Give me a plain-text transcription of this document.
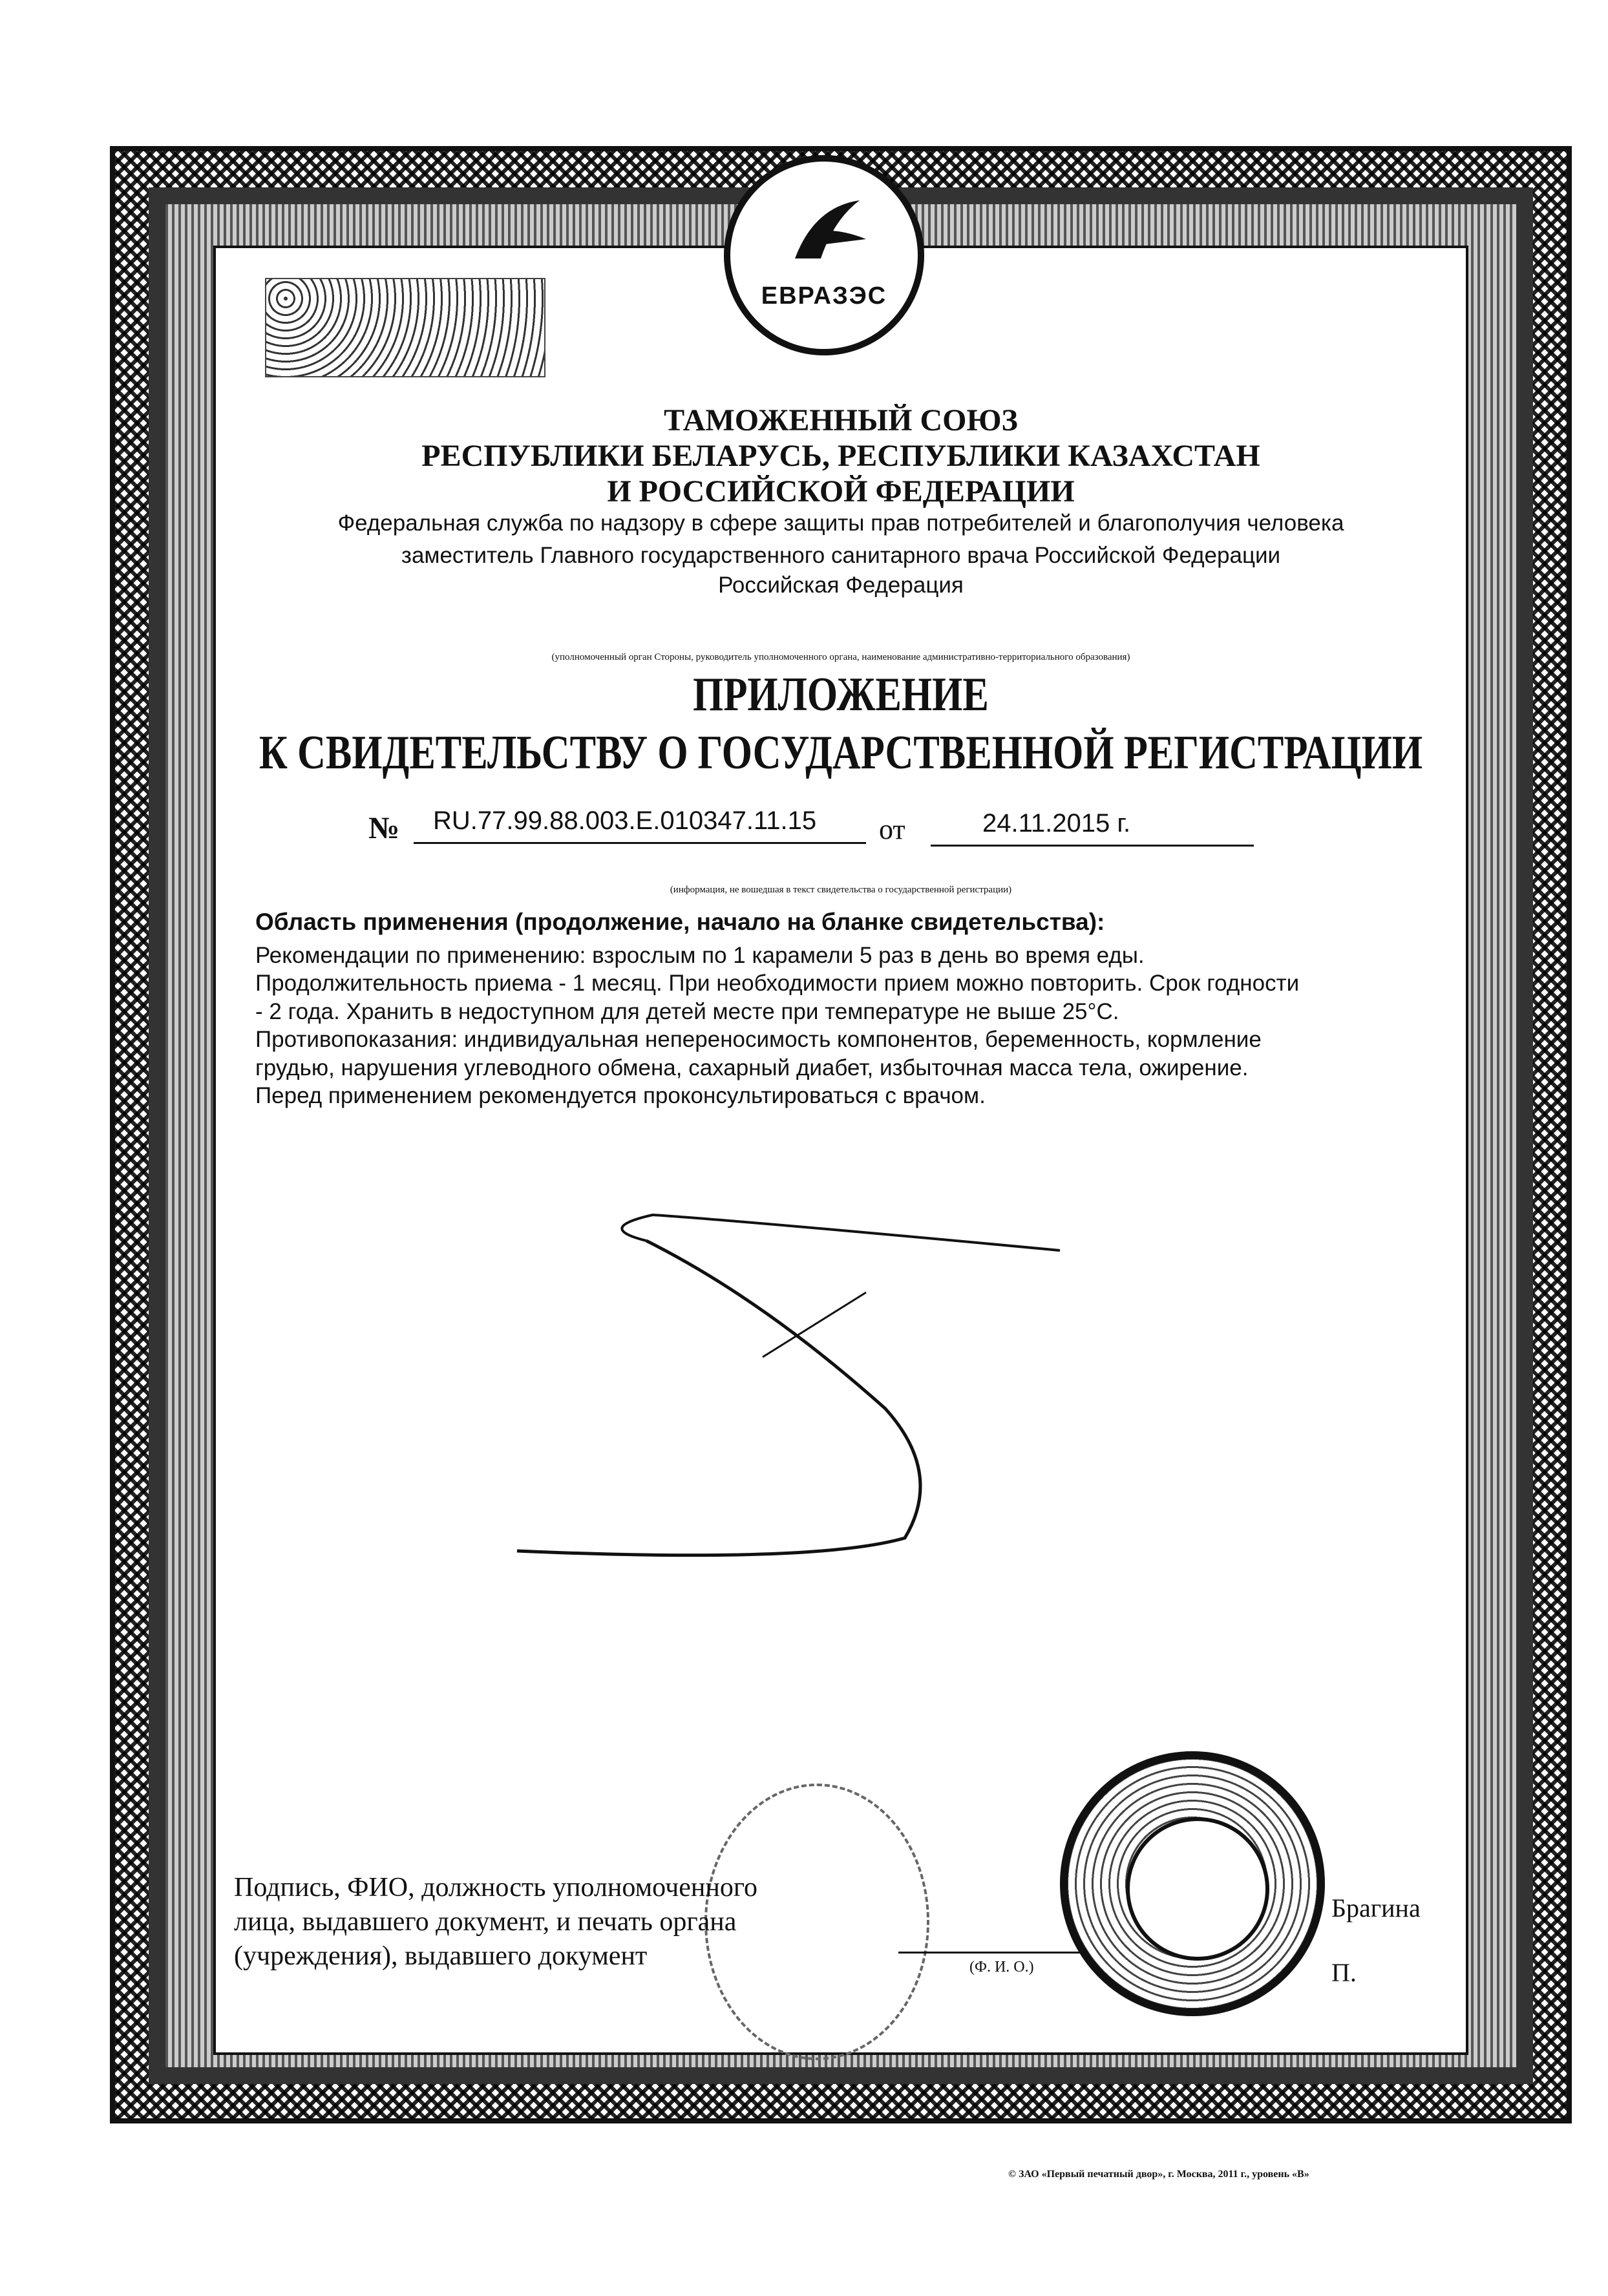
ЕВРАЗЭС
ТАМОЖЕННЫЙ СОЮЗ
РЕСПУБЛИКИ БЕЛАРУСЬ, РЕСПУБЛИКИ КАЗАХСТАН
И РОССИЙСКОЙ ФЕДЕРАЦИИ
Федеральная служба по надзору в сфере защиты прав потребителей и благополучия человека
заместитель Главного государственного санитарного врача Российской Федерации
Российская Федерация
(уполномоченный орган Стороны, руководитель уполномоченного органа, наименование административно-территориального образования)
ПРИЛОЖЕНИЕ
К СВИДЕТЕЛЬСТВУ О ГОСУДАРСТВЕННОЙ РЕГИСТРАЦИИ
№ RU.77.99.88.003.E.010347.11.15 от	24.11.2015 г.
(информация, не вошедшая в текст свидетельства о государственной регистрации)

Область применения (продолжение, начало на бланке свидетельства):

Рекомендации по применению: взрослым по 1 карамели 5 раз в день во время еды.

Продолжительность приема - 1 месяц. При необходимости прием можно повторить. Срок годности

- 2 года. Хранить в недоступном для детей месте при температуре не выше 25°С.

Противопоказания: индивидуальная непереносимость компонентов, беременность, кормление

грудью, нарушения углеводного обмена, сахарный диабет, избыточная масса тела, ожирение.

Перед применением рекомендуется проконсультироваться с врачом.

Подпись, ФИО, должность уполномоченного
лица, выдавшего документ, и печать органа
(учреждения), выдавшего документ	(Ф. И. О.)
Брагина
П.
© ЗАО «Первый печатный двор», г. Москва, 2011 г., уровень «В»
